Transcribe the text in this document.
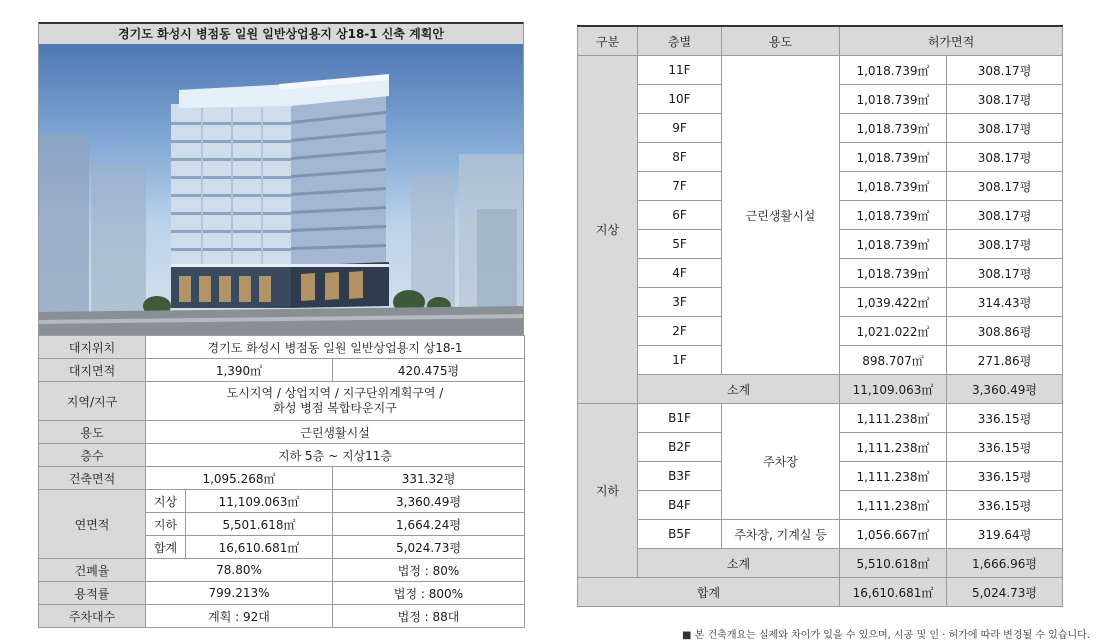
경기도 화성시 병점동 일원 일반상업용지 상18-1 신축 계획안
대지위치	경기도 화성시 병점동 일원 일반상업용지 상18-1		
대지면적	1,390㎡		420.475평
지역/지구	도시지역 / 상업지역 / 지구단위계획구역 /
화성 병점 복합타운지구		

용도	근린생활시설		
층수	지하 5층 ~ 지상11층		
건축면적	1,095.268㎡		331.32평
연면적	지상	11,109.063㎡	3,360.49평
	지하	5,501.618㎡	1,664.24평
	합계	16,610.681㎡	5,024.73평
건폐율	78.80%		법정 : 80%
용적률	799.213%		법정 : 800%
주차대수	계획 : 92대		법정 : 88대
구분	층별	용도	허가면적	
지상	11F	근린생활시설	1,018.739㎡	308.17평
	10F		1,018.739㎡	308.17평
	9F		1,018.739㎡	308.17평
	8F		1,018.739㎡	308.17평
	7F		1,018.739㎡	308.17평
	6F		1,018.739㎡	308.17평
	5F		1,018.739㎡	308.17평
	4F		1,018.739㎡	308.17평
	3F		1,039.422㎡	314.43평
	2F		1,021.022㎡	308.86평
	1F		898.707㎡	271.86평
	소계		11,109.063㎡	3,360.49평
지하	B1F	주차장	1,111.238㎡	336.15평
	B2F		1,111.238㎡	336.15평
	B3F		1,111.238㎡	336.15평
	B4F		1,111.238㎡	336.15평
	B5F	주차장, 기계실 등	1,056.667㎡	319.64평
	소계		5,510.618㎡	1,666.96평
합계			16,610.681㎡	5,024.73평
■ 본 건축개요는 실제와 차이가 있을 수 있으며, 시공 및 인 · 허가에 따라 변경될 수 있습니다.
